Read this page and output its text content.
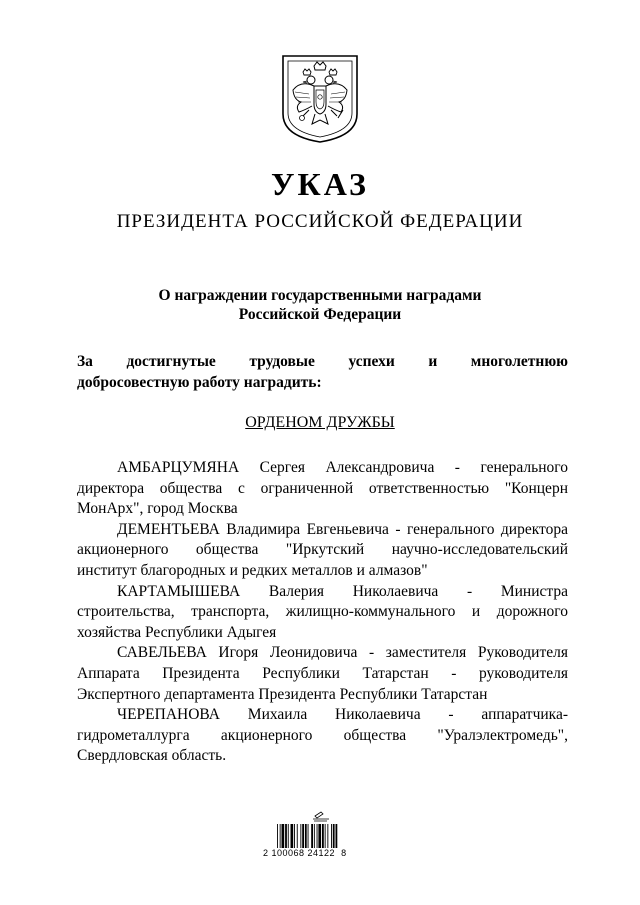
УКАЗ
ПРЕЗИДЕНТА РОССИЙСКОЙ ФЕДЕРАЦИИ
О награждении государственными наградами
Российской Федерации
За достигнутые трудовые успехи и многолетнюю
добросовестную работу наградить:
ОРДЕНОМ ДРУЖБЫ
АМБАРЦУМЯНА Сергея Александровича - генерального
директора общества с ограниченной ответственностью "Концерн
МонАрх", город Москва
ДЕМЕНТЬЕВА Владимира Евгеньевича - генерального директора
акционерного общества "Иркутский научно-исследовательский
институт благородных и редких металлов и алмазов"
КАРТАМЫШЕВА Валерия Николаевича - Министра
строительства, транспорта, жилищно-коммунального и дорожного
хозяйства Республики Адыгея
САВЕЛЬЕВА Игоря Леонидовича - заместителя Руководителя
Аппарата Президента Республики Татарстан - руководителя
Экспертного департамента Президента Республики Татарстан
ЧЕРЕПАНОВА Михаила Николаевича - аппаратчика-
гидрометаллурга акционерного общества "Уралэлектромедь",
Свердловская область.
2 100068 24122  8
